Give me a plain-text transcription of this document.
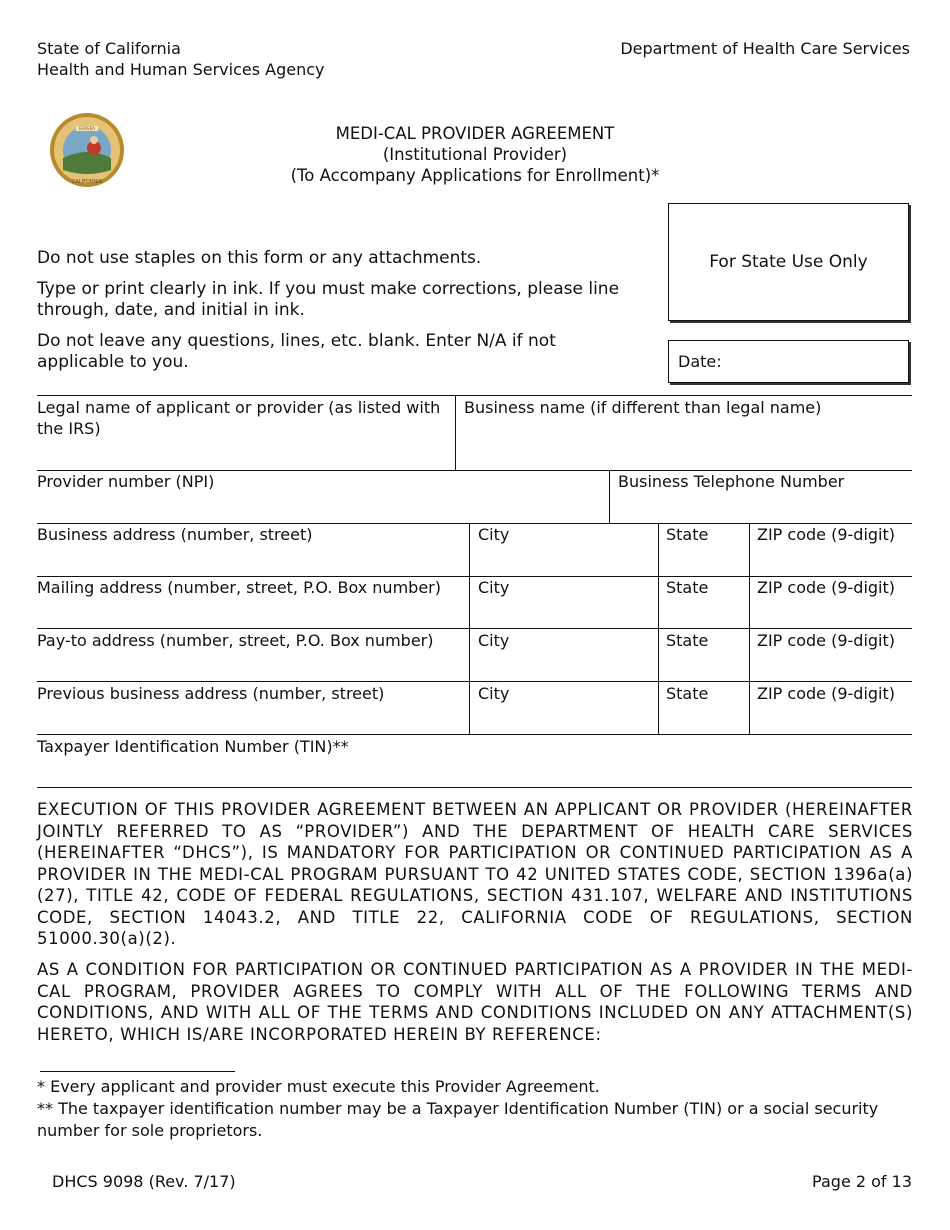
State of California
Health and Human Services Agency
Department of Health Care Services
EUREKA
CALIFORNIA
MEDI-CAL PROVIDER AGREEMENT
(Institutional Provider)
(To Accompany Applications for Enrollment)*
For State Use Only
Date:
Do not use staples on this form or any attachments.
Type or print clearly in ink. If you must make corrections, please line through, date, and initial in ink.
Do not leave any questions, lines, etc. blank. Enter N/A if not applicable to you.
Legal name of applicant or provider (as listed with the IRS)
Business name (if different than legal name)
Provider number (NPI)	Business Telephone Number
Business address (number, street)	City	State	ZIP code (9-digit)
Mailing address (number, street, P.O. Box number) City	State	ZIP code (9-digit)
Pay-to address (number, street, P.O. Box number)	City	State	ZIP code (9-digit)
Previous business address (number, street)	City	State	ZIP code (9-digit)
Taxpayer Identification Number (TIN)**
EXECUTION OF THIS PROVIDER AGREEMENT BETWEEN AN APPLICANT OR PROVIDER (HEREINAFTER JOINTLY REFERRED TO AS “PROVIDER”) AND THE DEPARTMENT OF HEALTH CARE SERVICES (HEREINAFTER “DHCS”), IS MANDATORY FOR PARTICIPATION OR CONTINUED PARTICIPATION AS A PROVIDER IN THE MEDI-CAL PROGRAM PURSUANT TO 42 UNITED STATES CODE, SECTION 1396a(a)(27), TITLE 42, CODE OF FEDERAL REGULATIONS, SECTION 431.107, WELFARE AND INSTITUTIONS CODE, SECTION 14043.2, AND TITLE 22, CALIFORNIA CODE OF REGULATIONS, SECTION 51000.30(a)(2).
AS A CONDITION FOR PARTICIPATION OR CONTINUED PARTICIPATION AS A PROVIDER IN THE MEDI-CAL PROGRAM, PROVIDER AGREES TO COMPLY WITH ALL OF THE FOLLOWING TERMS AND CONDITIONS, AND WITH ALL OF THE TERMS AND CONDITIONS INCLUDED ON ANY ATTACHMENT(S) HERETO, WHICH IS/ARE INCORPORATED HEREIN BY REFERENCE:
* Every applicant and provider must execute this Provider Agreement.
** The taxpayer identification number may be a Taxpayer Identification Number (TIN) or a social security number for sole proprietors.
DHCS 9098 (Rev. 7/17)	Page 2 of 13
